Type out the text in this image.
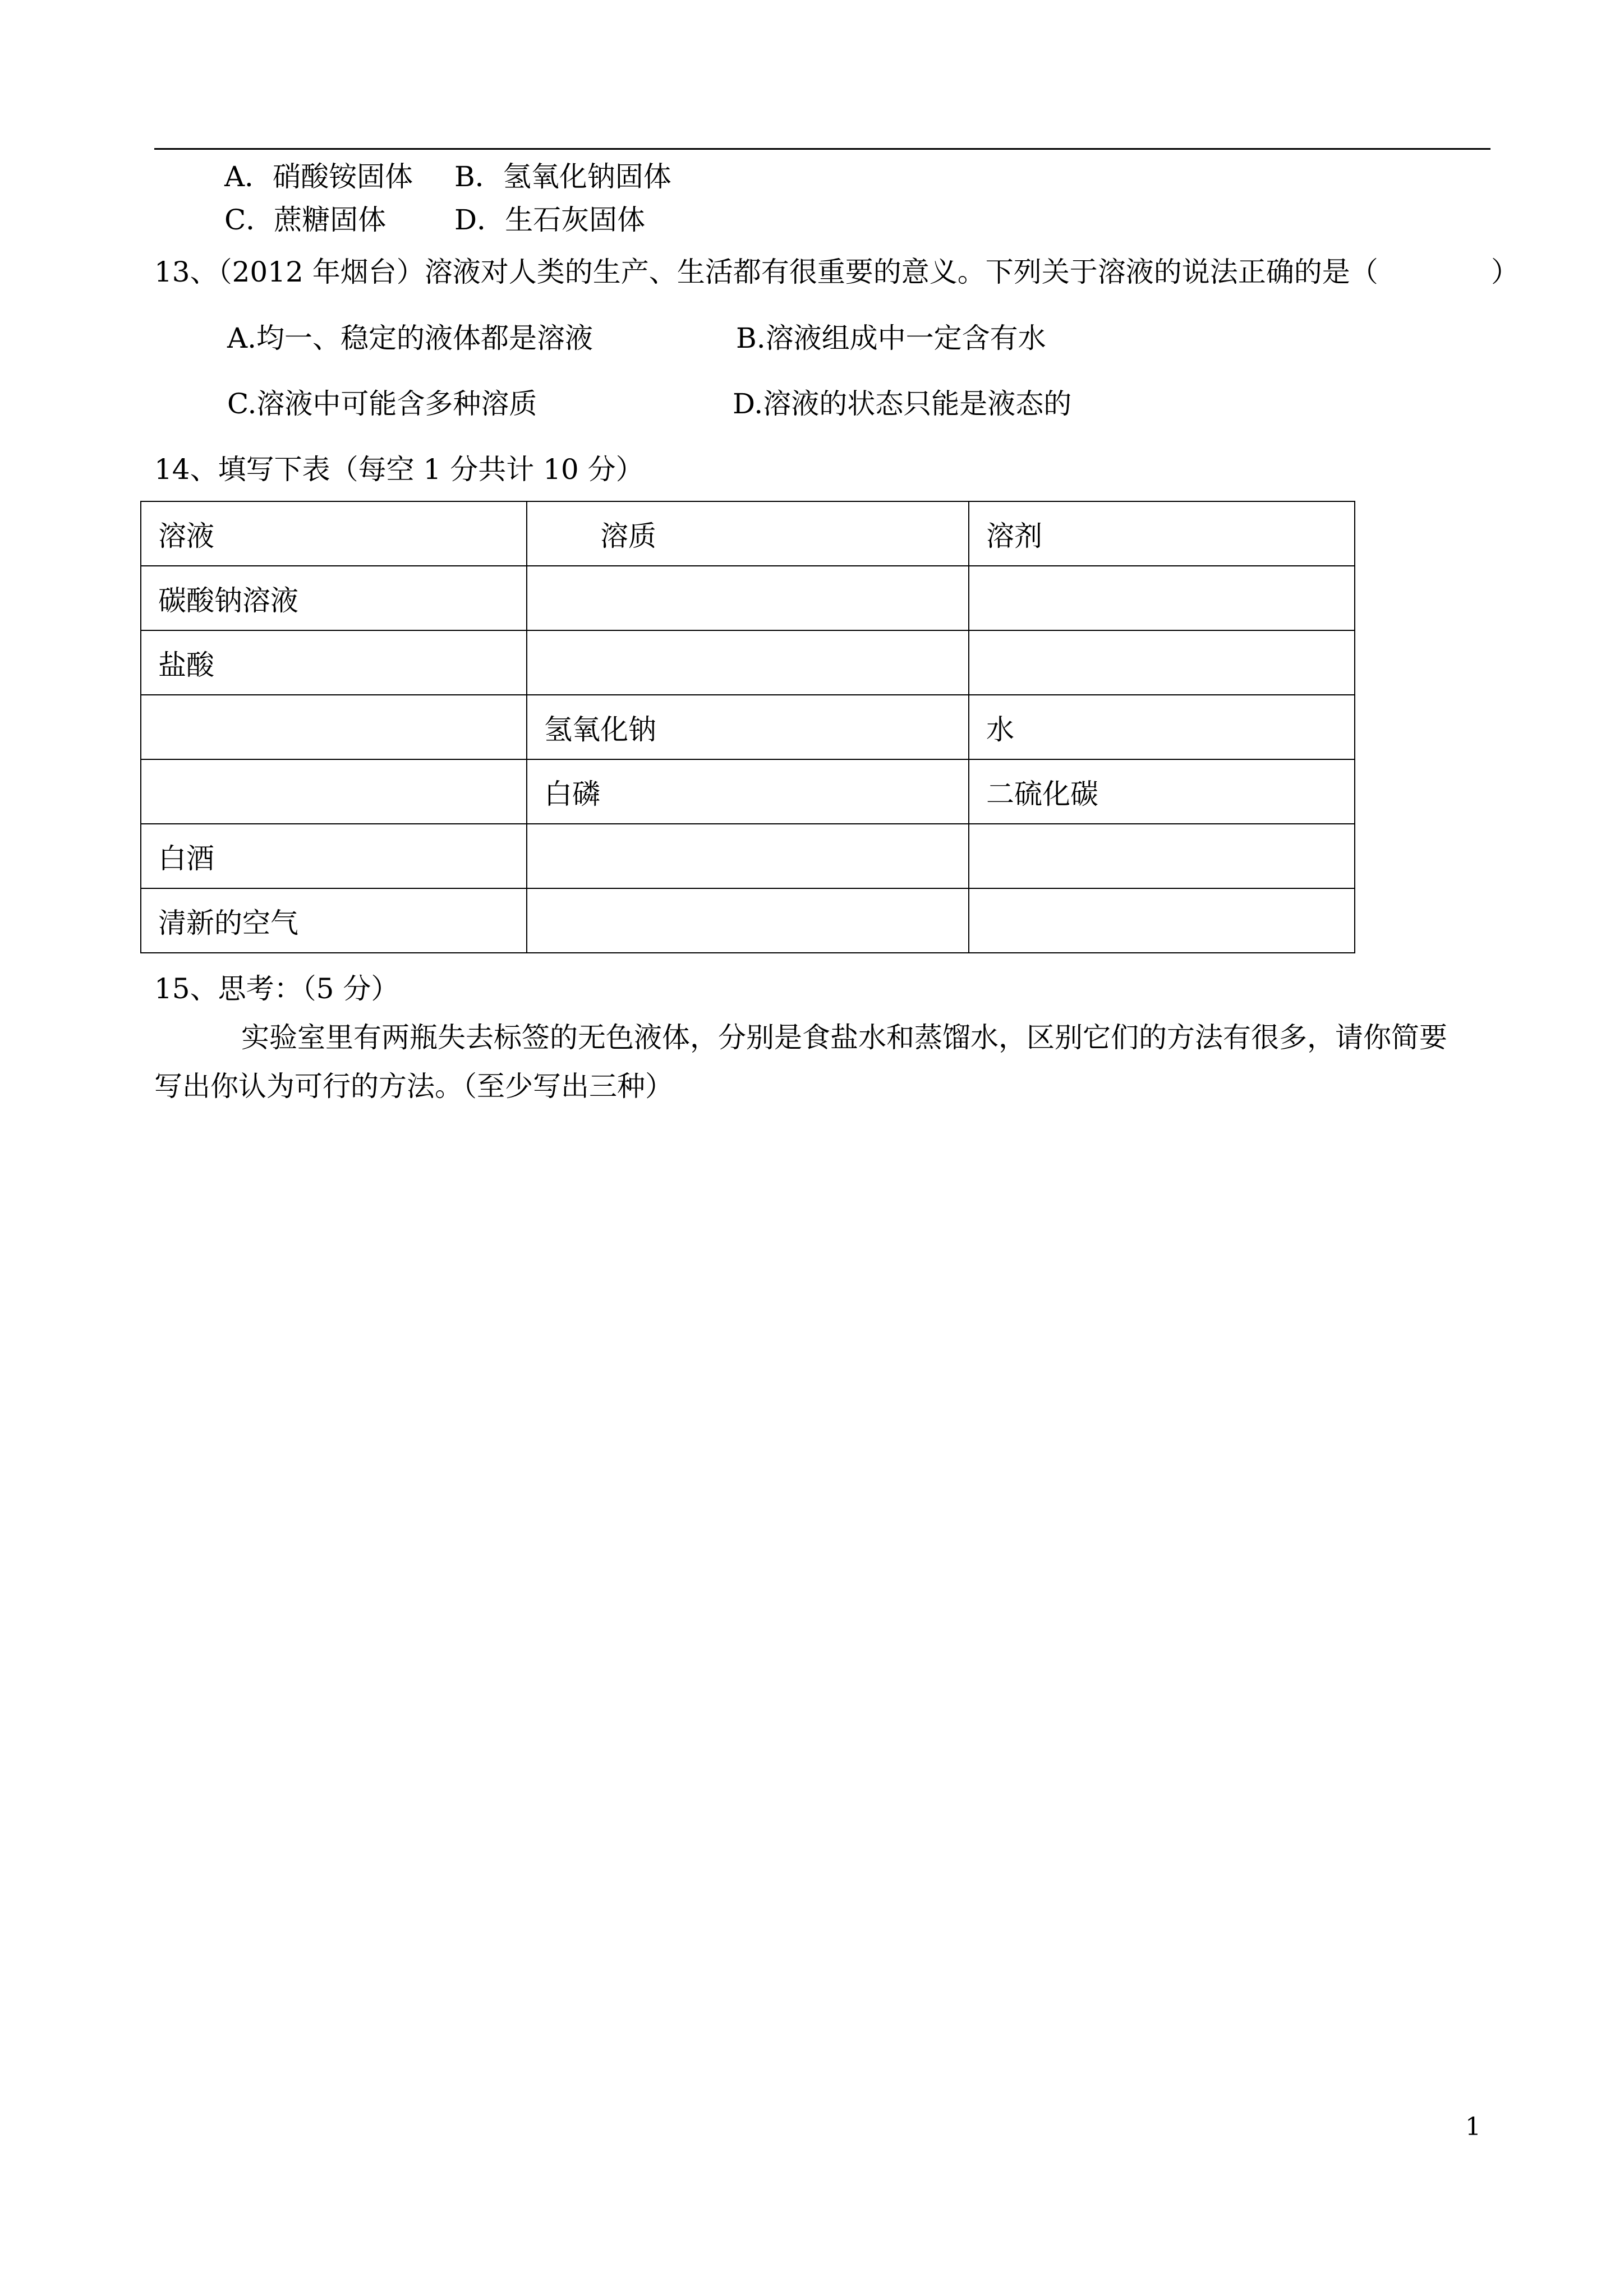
A．硝酸铵固体 B．氢氧化钠固体
C．蔗糖固体 D．生石灰固体
13、（2012 年烟台）溶液对人类的生产、生活都有很重要的意义。下列关于溶液的说法正确的是（	）
A.均一、稳定的液体都是溶液	B.溶液组成中一定含有水
C.溶液中可能含多种溶质	D.溶液的状态只能是液态的
14、填写下表（每空 1 分共计 10 分）
溶液	溶质	溶剂
碳酸钠溶液		
盐酸		
	氢氧化钠	水
	白磷	二硫化碳
白酒		
清新的空气		
15、思考：（5 分）
实验室里有两瓶失去标签的无色液体，分别是食盐水和蒸馏水，区别它们的方法有很多，请你简要
写出你认为可行的方法。（至少写出三种）
1
